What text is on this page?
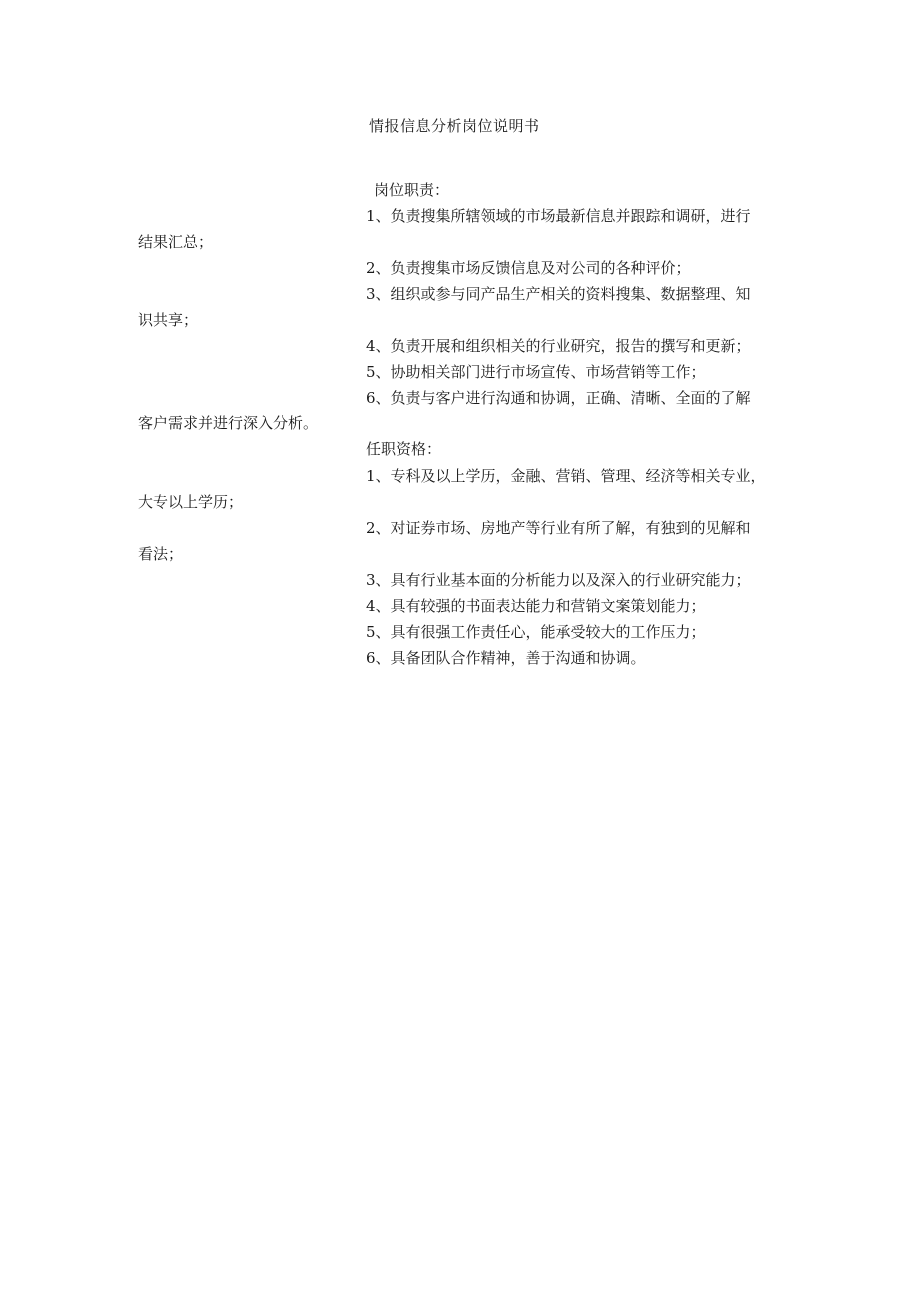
情报信息分析岗位说明书
岗位职责：
1、负责搜集所辖领域的市场最新信息并跟踪和调研，进行
结果汇总；
2、负责搜集市场反馈信息及对公司的各种评价；
3、组织或参与同产品生产相关的资料搜集、数据整理、知
识共享；
4、负责开展和组织相关的行业研究，报告的撰写和更新；
5、协助相关部门进行市场宣传、市场营销等工作；
6、负责与客户进行沟通和协调，正确、清晰、全面的了解
客户需求并进行深入分析。
任职资格：
1、专科及以上学历，金融、营销、管理、经济等相关专业，
大专以上学历；
2、对证券市场、房地产等行业有所了解，有独到的见解和
看法；
3、具有行业基本面的分析能力以及深入的行业研究能力；
4、具有较强的书面表达能力和营销文案策划能力；
5、具有很强工作责任心，能承受较大的工作压力；
6、具备团队合作精神，善于沟通和协调。
